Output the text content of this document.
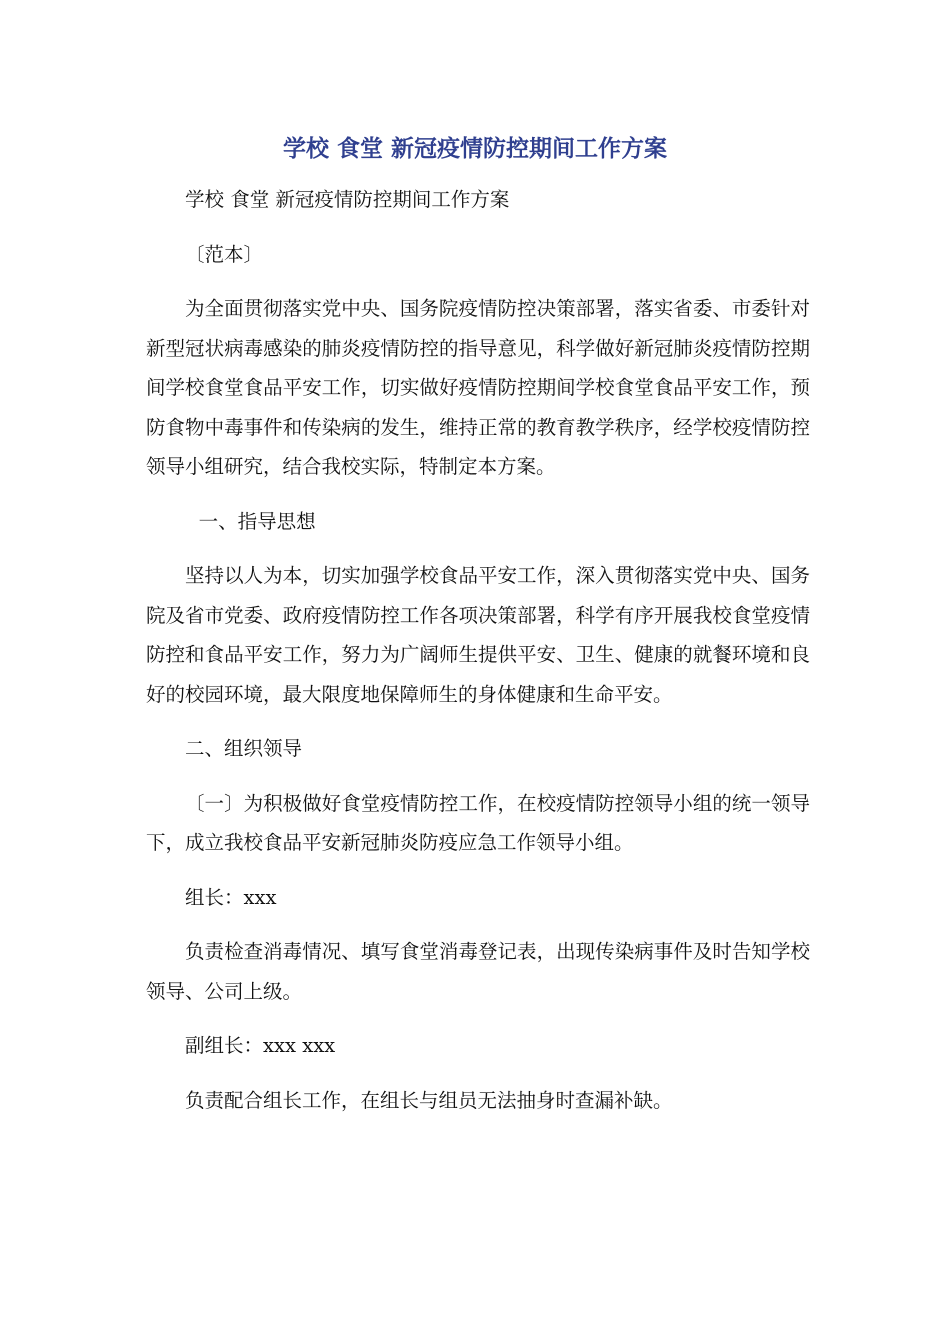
学校 食堂 新冠疫情防控期间工作方案

学校 食堂 新冠疫情防控期间工作方案

〔范本〕

为全面贯彻落实党中央、国务院疫情防控决策部署，落实省委、市委针对新型冠状病毒感染的肺炎疫情防控的指导意见，科学做好新冠肺炎疫情防控期间学校食堂食品平安工作，切实做好疫情防控期间学校食堂食品平安工作，预防食物中毒事件和传染病的发生，维持正常的教育教学秩序，经学校疫情防控领导小组研究，结合我校实际，特制定本方案。

一、指导思想

坚持以人为本，切实加强学校食品平安工作，深入贯彻落实党中央、国务院及省市党委、政府疫情防控工作各项决策部署，科学有序开展我校食堂疫情防控和食品平安工作，努力为广阔师生提供平安、卫生、健康的就餐环境和良好的校园环境，最大限度地保障师生的身体健康和生命平安。

二、组织领导

〔一〕为积极做好食堂疫情防控工作，在校疫情防控领导小组的统一领导下，成立我校食品平安新冠肺炎防疫应急工作领导小组。

组长：xxx

负责检查消毒情况、填写食堂消毒登记表，出现传染病事件及时告知学校领导、公司上级。

副组长：xxx xxx

负责配合组长工作，在组长与组员无法抽身时查漏补缺。
